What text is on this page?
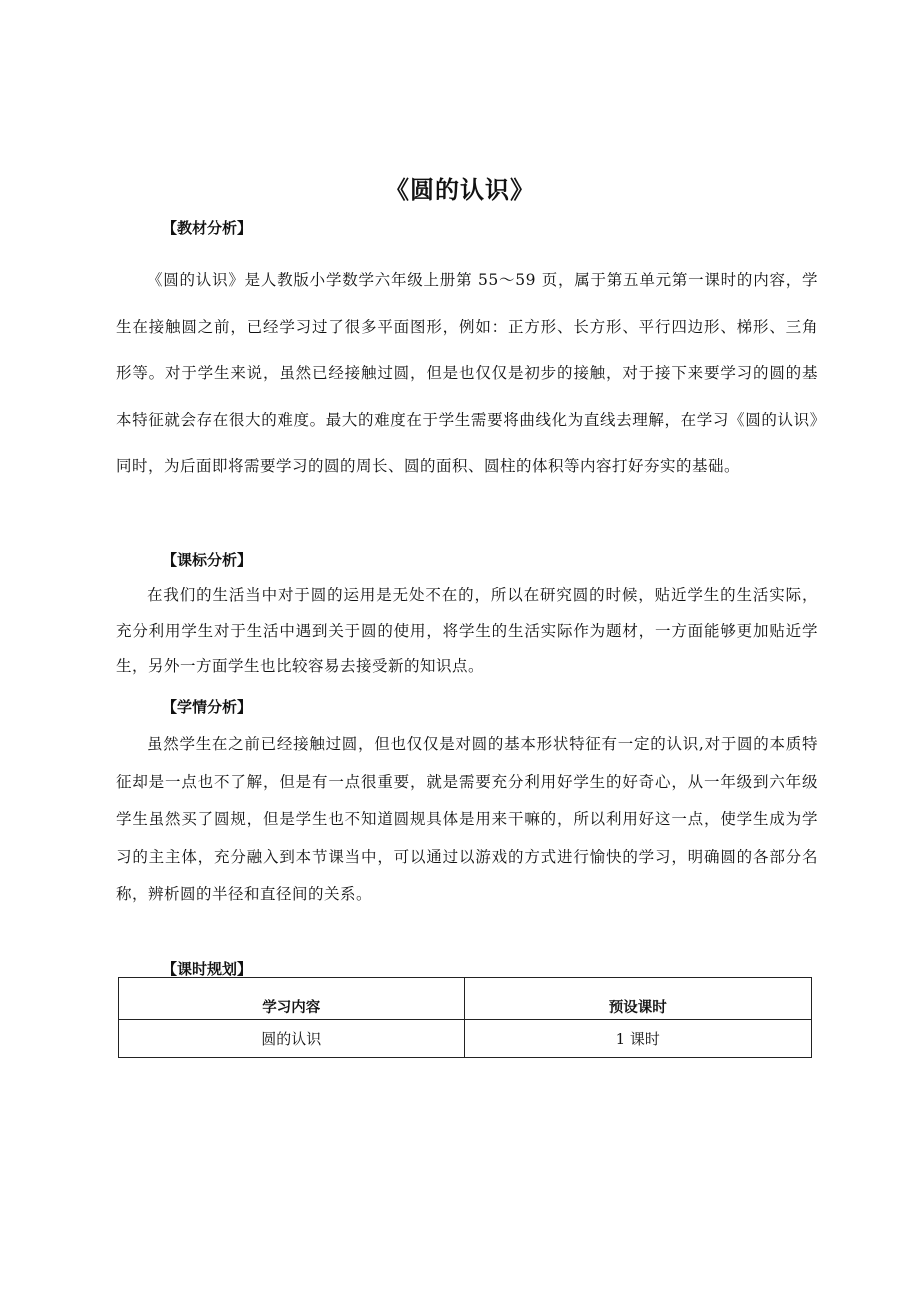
《圆的认识》
【教材分析】

《圆的认识》是人教版小学数学六年级上册第 55～59 页，属于第五单元第一课时的内容，学生在接触圆之前，已经学习过了很多平面图形，例如：正方形、长方形、平行四边形、梯形、三角形等。对于学生来说，虽然已经接触过圆，但是也仅仅是初步的接触，对于接下来要学习的圆的基本特征就会存在很大的难度。最大的难度在于学生需要将曲线化为直线去理解，在学习《圆的认识》同时，为后面即将需要学习的圆的周长、圆的面积、圆柱的体积等内容打好夯实的基础。

【课标分析】

在我们的生活当中对于圆的运用是无处不在的，所以在研究圆的时候，贴近学生的生活实际，充分利用学生对于生活中遇到关于圆的使用，将学生的生活实际作为题材，一方面能够更加贴近学生，另外一方面学生也比较容易去接受新的知识点。

【学情分析】

虽然学生在之前已经接触过圆，但也仅仅是对圆的基本形状特征有一定的认识,对于圆的本质特征却是一点也不了解，但是有一点很重要，就是需要充分利用好学生的好奇心，从一年级到六年级学生虽然买了圆规，但是学生也不知道圆规具体是用来干嘛的，所以利用好这一点，使学生成为学习的主主体，充分融入到本节课当中，可以通过以游戏的方式进行愉快的学习，明确圆的各部分名称，辨析圆的半径和直径间的关系。

【课时规划】
学习内容	预设课时
圆的认识	1 课时
